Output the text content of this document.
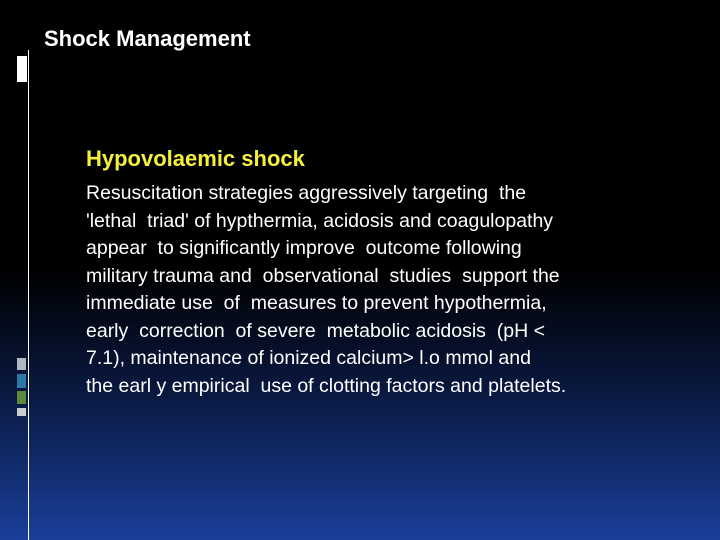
Shock Management
Hypovolaemic shock
Resuscitation strategies aggressively targeting  the
'lethal  triad' of hypthermia, acidosis and coagulopathy
appear  to significantly improve  outcome following
military trauma and  observational  studies  support the
immediate use  of  measures to prevent hypothermia,
early  correction  of severe  metabolic acidosis  (pH <
7.1), maintenance of ionized calcium> l.o mmol and
the earl y empirical  use of clotting factors and platelets.
